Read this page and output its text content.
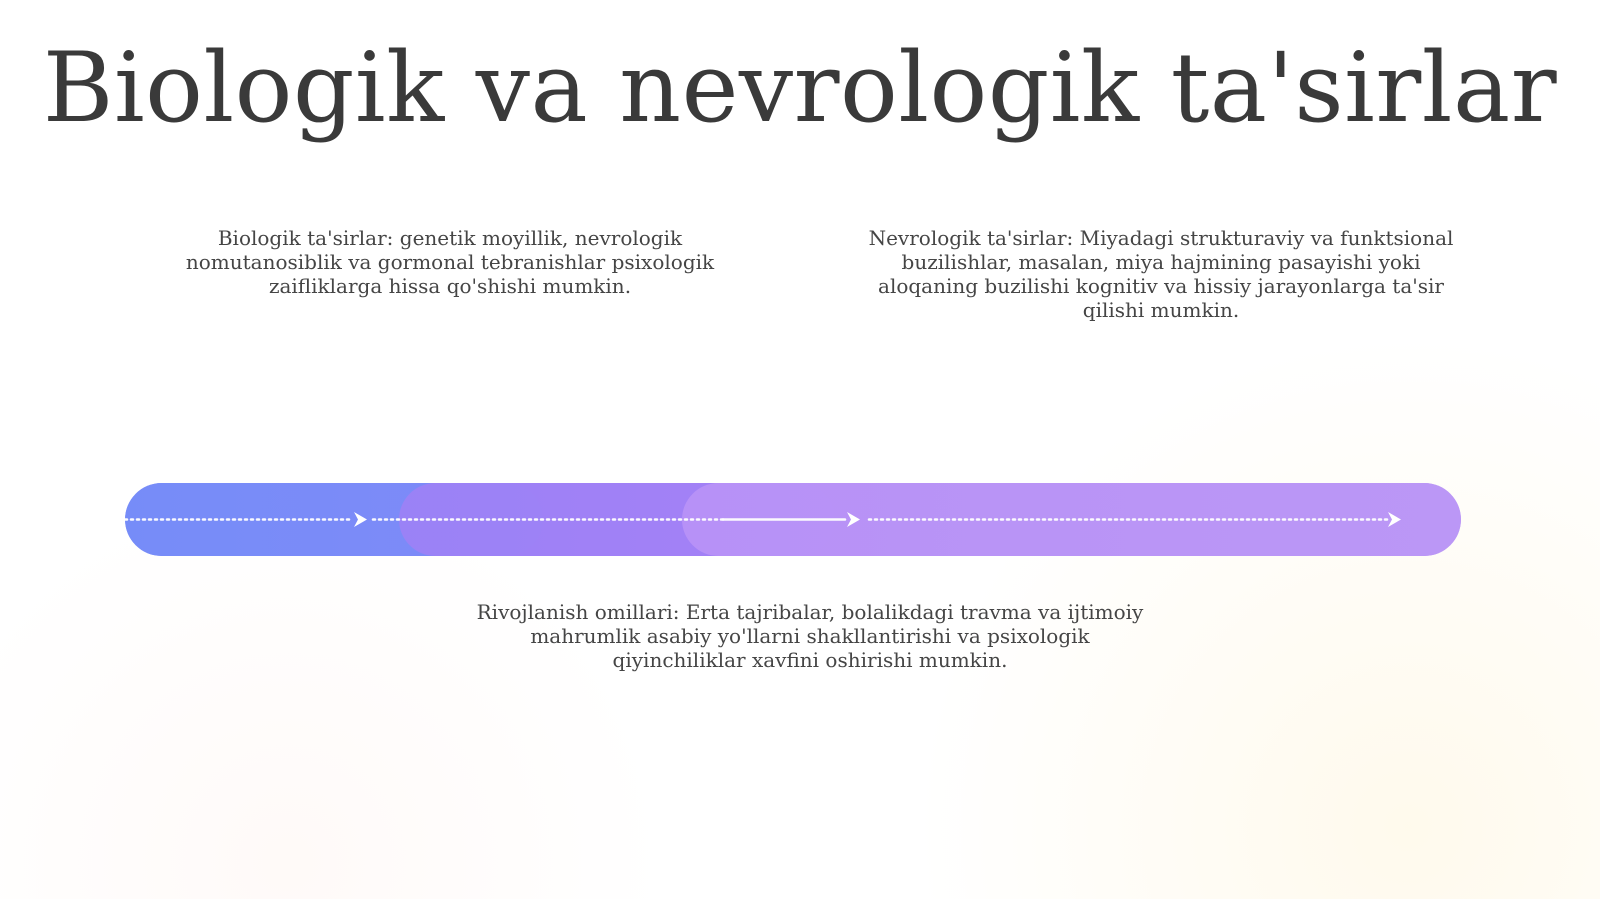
Biologik va nevrologik ta'sirlar
Biologik ta'sirlar: genetik moyillik, nevrologik nomutanosiblik va gormonal tebranishlar psixologik zaifliklarga hissa qo'shishi mumkin.
Nevrologik ta'sirlar: Miyadagi strukturaviy va funktsional buzilishlar, masalan, miya hajmining pasayishi yoki aloqaning buzilishi kognitiv va hissiy jarayonlarga ta'sir qilishi mumkin.
Rivojlanish omillari: Erta tajribalar, bolalikdagi travma va ijtimoiy mahrumlik asabiy yo'llarni shakllantirishi va psixologik qiyinchiliklar xavfini oshirishi mumkin.
